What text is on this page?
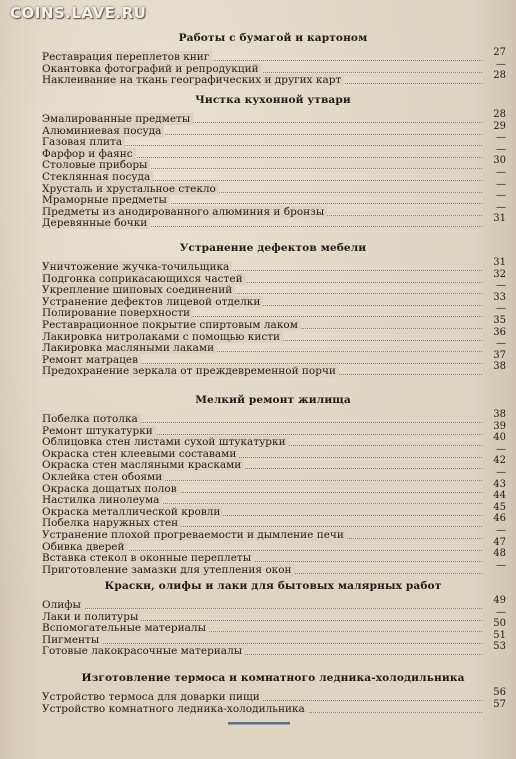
COINS.LAVE.RU
Работы с бумагой и картоном
Реставрация переплетов книг	27
Окантовка фотографий и репродукций	—
Наклеивание на ткань географических и других карт	28
Чистка кухонной утвари
Эмалированные предметы	28
Алюминиевая посуда	29
Газовая плита	—
Фарфор и фаянс	—
Столовые приборы	30
Стеклянная посуда	—
Хрусталь и хрустальное стекло	—
Мраморные предметы	—
Предметы из анодированного алюминия и бронзы	—
Деревянные бочки	31
Устранение дефектов мебели
Уничтожение жучка-точильщика	31
Подгонка соприкасающихся частей	32
Укрепление шиповых соединений	—
Устранение дефектов лицевой отделки	33
Полирование поверхности	—
Реставрационное покрытие спиртовым лаком	35
Лакировка нитролаками с помощью кисти	36
Лакировка масляными лаками	—
Ремонт матрацев	37
Предохранение зеркала от преждевременной порчи	38
Мелкий ремонт жилища
Побелка потолка	38
Ремонт штукатурки	39
Облицовка стен листами сухой штукатурки	40
Окраска стен клеевыми составами	—
Окраска стен масляными красками	42
Оклейка стен обоями	—
Окраска дощатых полов	43
Настилка линолеума	44
Окраска металлической кровли	45
Побелка наружных стен	46
Устранение плохой прогреваемости и дымление печи	—
Обивка дверей	47
Вставка стекол в оконные переплеты	48
Приготовление замазки для утепления окон	—
Краски, олифы и лаки для бытовых малярных работ
Олифы	49
Лаки и политуры	—
Вспомогательные материалы	50
Пигменты	51
Готовые лакокрасочные материалы	53
Изготовление термоса и комнатного ледника-холодильника
Устройство термоса для доварки пищи	56
Устройство комнатного ледника-холодильника	57
